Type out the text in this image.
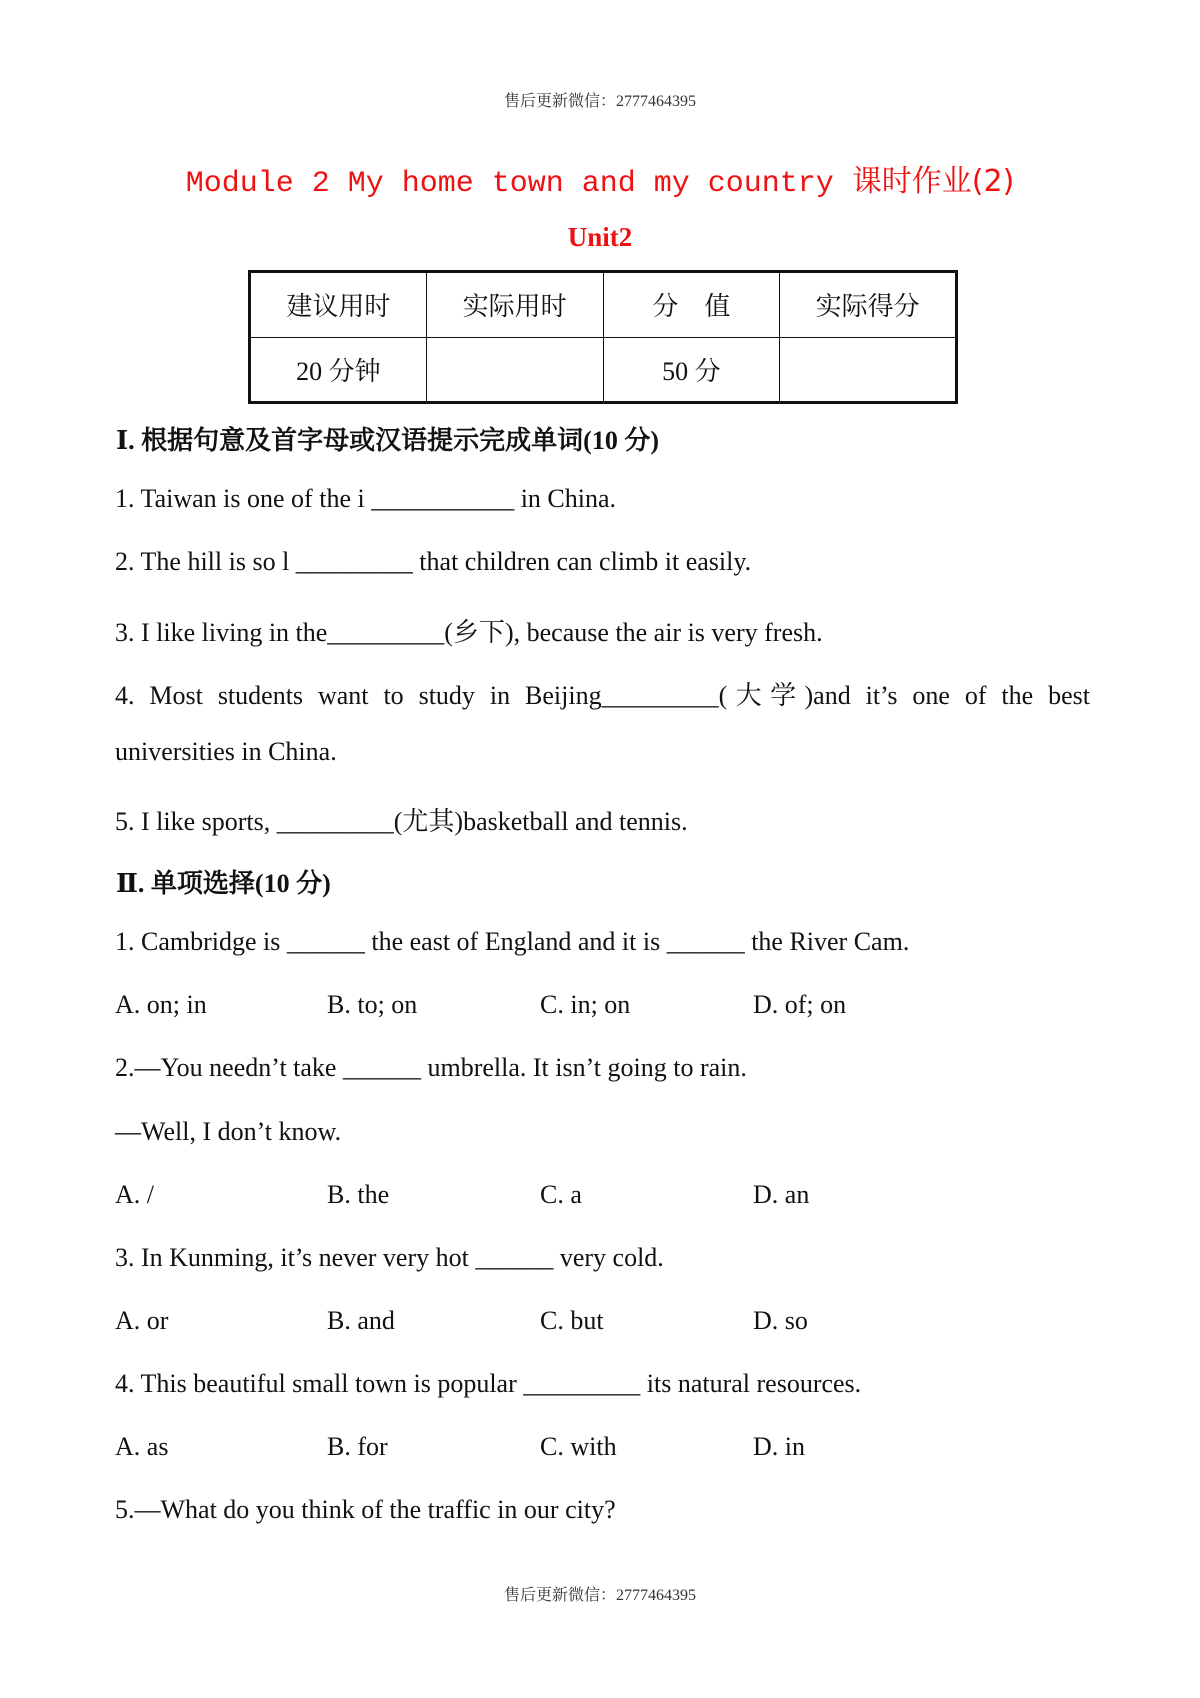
售后更新微信：2777464395
Module 2 My home town and my country 课时作业(2)
Unit2
建议用时	实际用时	分　值	实际得分
20 分钟		50 分	
Ⅰ. 根据句意及首字母或汉语提示完成单词(10 分)
1. Taiwan is one of the i ___________ in China.
2. The hill is so l _________ that children can climb it easily.
3. I like living in the_________(乡下), because the air is very fresh.
4. Most students want to study in Beijing_________(大学)and it’s one of the best
universities in China.
5. I like sports, _________(尤其)basketball and tennis.
Ⅱ. 单项选择(10 分)
1. Cambridge is ______ the east of England and it is ______ the River Cam.
A. on; in	B. to; on	C. in; on	D. of; on
2.—You needn’t take ______ umbrella. It isn’t going to rain.
—Well, I don’t know.
A. /	B. the	C. a	D. an
3. In Kunming, it’s never very hot ______ very cold.
A. or	B. and	C. but	D. so
4. This beautiful small town is popular _________ its natural resources.
A. as	B. for	C. with	D. in
5.—What do you think of the traffic in our city?
售后更新微信：2777464395
